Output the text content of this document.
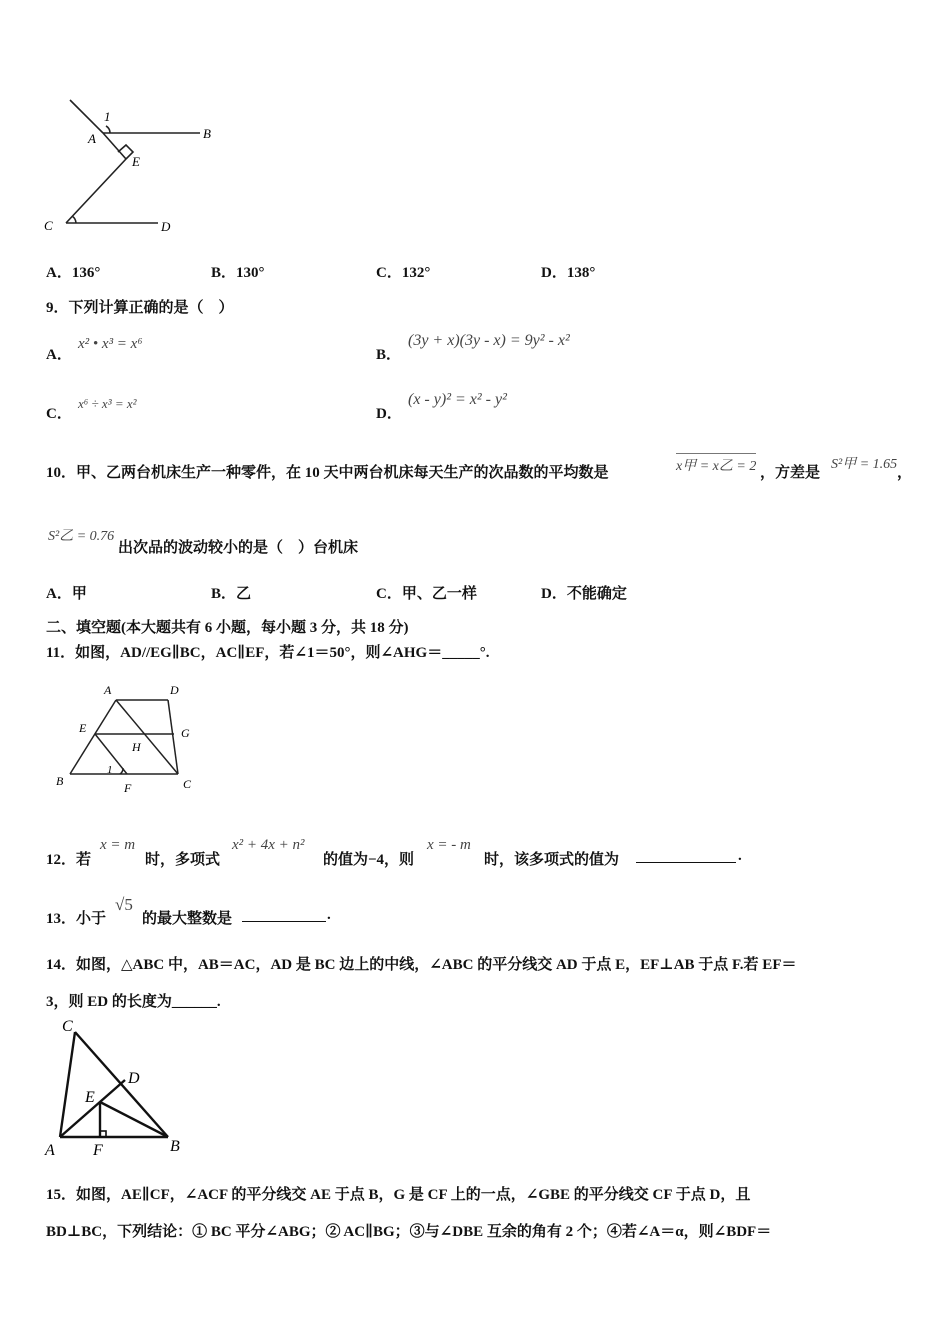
1
A	B
E
C	D
A．136°	B．130°	C．132°	D．138°
9．下列计算正确的是（　）
A．
x² • x³ = x⁶
B．
(3y + x)(3y - x) = 9y² - x²
C．
x⁶ ÷ x³ = x²
D．
(x - y)² = x² - y²
10．甲、乙两台机床生产一种零件，在 10 天中两台机床每天生产的次品数的平均数是	x甲 = x乙 = 2 ，方差是
S²甲 = 1.65
，
S²乙 = 0.76
出次品的波动较小的是（　）台机床
A．甲	B．乙	C．甲、乙一样	D．不能确定
二、填空题(本大题共有 6 小题，每小题 3 分，共 18 分)
11．如图，AD//EG∥BC，AC∥EF，若∠1＝50°，则∠AHG＝_____°.
A	D
E	G
H
1
B	F	C
12．若
x = m
时，多项式
x² + 4x + n²
的值为−4，则
x = - m
时，该多项式的值为	.
13．小于
√5
的最大整数是	.
14．如图，△ABC 中，AB＝AC，AD 是 BC 边上的中线，∠ABC 的平分线交 AD 于点 E，EF⊥AB 于点 F.若 EF＝
3，则 ED 的长度为______.
C
D
E
A F	B
15．如图，AE∥CF，∠ACF 的平分线交 AE 于点 B，G 是 CF 上的一点，∠GBE 的平分线交 CF 于点 D，且
BD⊥BC，下列结论：① BC 平分∠ABG；② AC∥BG；③与∠DBE 互余的角有 2 个；④若∠A＝α，则∠BDF＝
